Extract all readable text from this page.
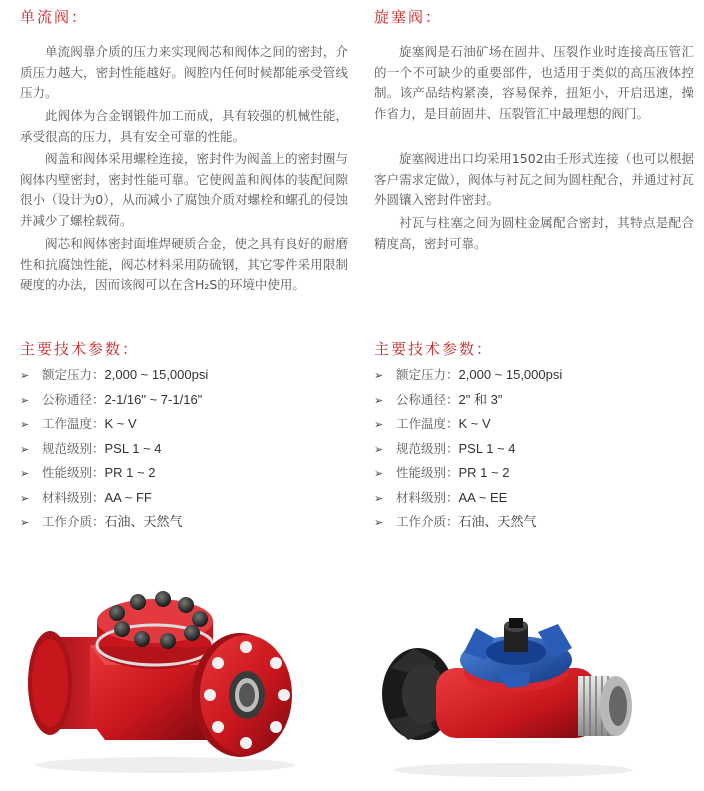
单流阀：

单流阀靠介质的压力来实现阀芯和阀体之间的密封，介质压力越大，密封性能越好。阀腔内任何时候都能承受管线压力。

此阀体为合金钢锻件加工而成，具有较强的机械性能，承受很高的压力，具有安全可靠的性能。

阀盖和阀体采用螺栓连接，密封件为阀盖上的密封圈与阀体内壁密封，密封性能可靠。它使阀盖和阀体的装配间隙很小（设计为0），从而减小了腐蚀介质对螺栓和螺孔的侵蚀并减少了螺栓载荷。

阀芯和阀体密封面堆焊硬质合金，使之具有良好的耐磨性和抗腐蚀性能，阀芯材料采用防硫钢，其它零件采用限制硬度的办法，因而该阀可以在含H₂S的环境中使用。

主要技术参数：
➢ 额定压力：2,000 ~ 15,000psi
➢ 公称通径：2-1/16" ~ 7-1/16"
➢ 工作温度：K ~ V
➢ 规范级别：PSL 1 ~ 4
➢ 性能级别：PR 1 ~ 2
➢ 材料级别：AA ~ FF
➢ 工作介质：石油、天然气
旋塞阀：

旋塞阀是石油矿场在固井、压裂作业时连接高压管汇的一个不可缺少的重要部件，也适用于类似的高压液体控制。该产品结构紧凑，容易保养，扭矩小，开启迅速，操作省力，是目前固井、压裂管汇中最理想的阀门。

旋塞阀进出口均采用1502由壬形式连接（也可以根据客户需求定做），阀体与衬瓦之间为圆柱配合，并通过衬瓦外圆镶入密封件密封。

衬瓦与柱塞之间为圆柱金属配合密封，其特点是配合精度高，密封可靠。

主要技术参数：
➢ 额定压力：2,000 ~ 15,000psi
➢ 公称通径：2" 和 3"
➢ 工作温度：K ~ V
➢ 规范级别：PSL 1 ~ 4
➢ 性能级别：PR 1 ~ 2
➢ 材料级别：AA ~ EE
➢ 工作介质：石油、天然气
